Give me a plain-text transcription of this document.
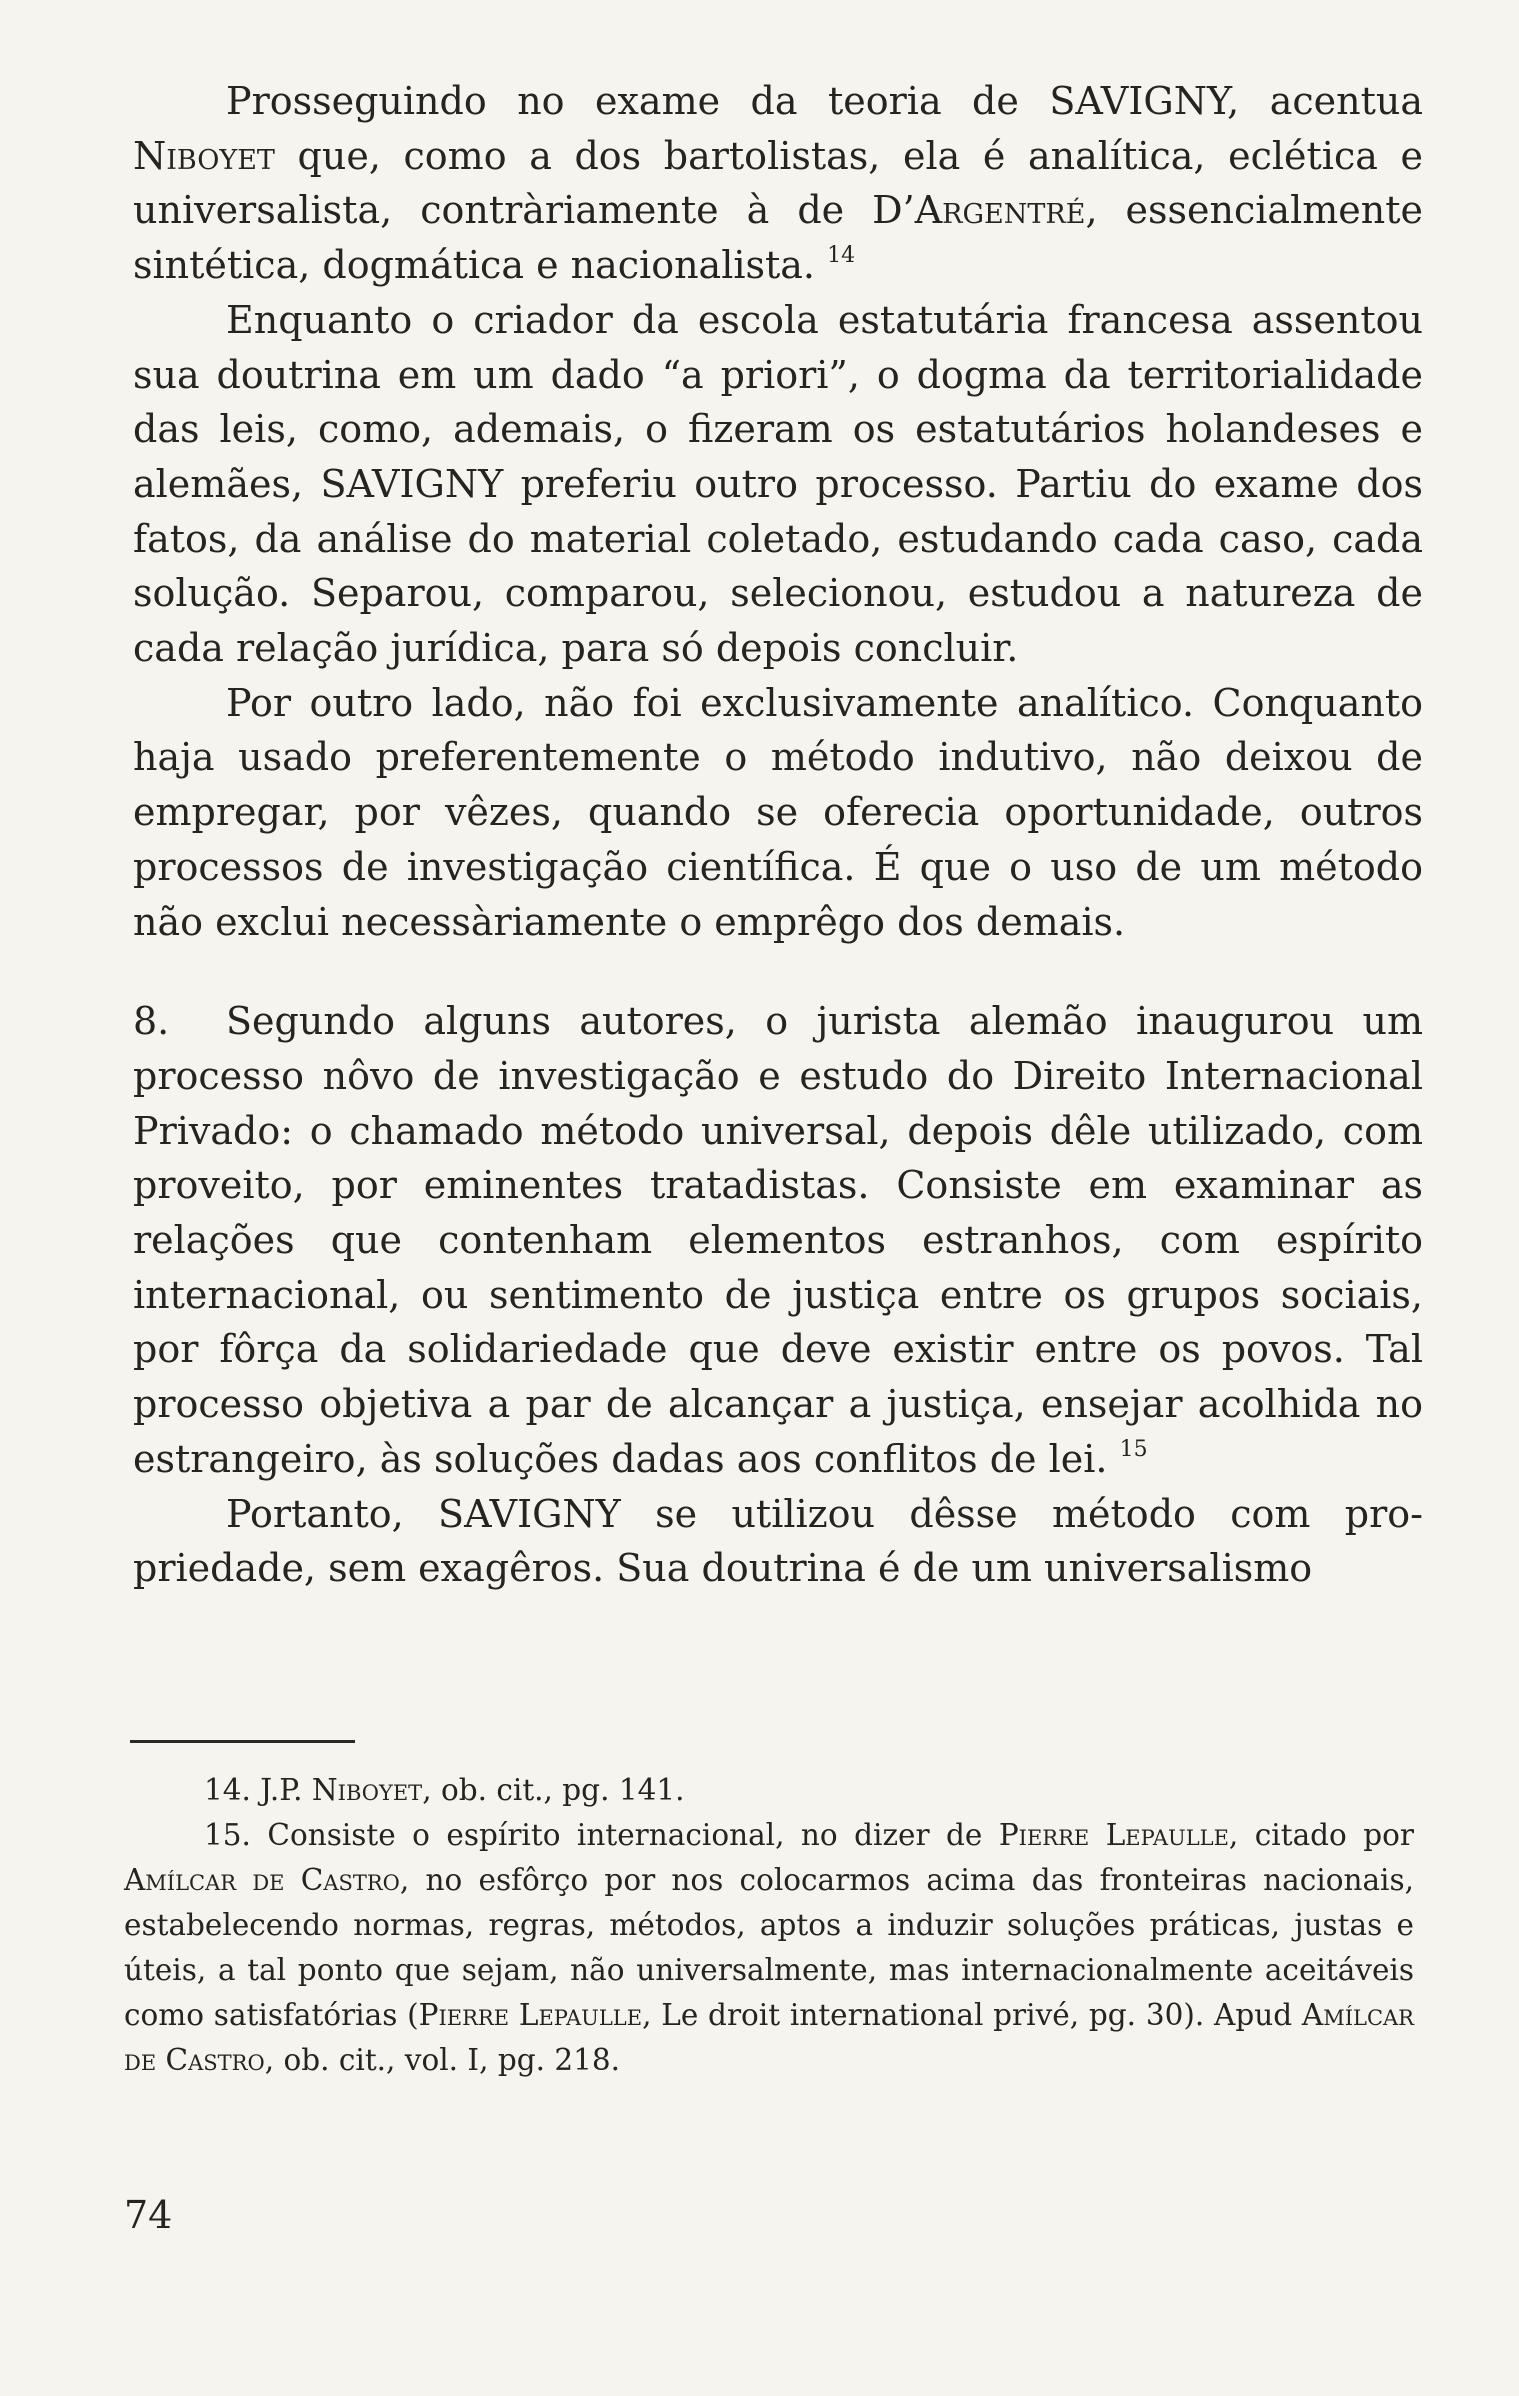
Prosseguindo no exame da teoria de SAVIGNY, acentua Niboyet que, como a dos bartolistas, ela é analítica, eclética e universalista, contràriamente à de D’Argentré, essencialmente sintética, dogmática e nacionalista. $^{14}$

Enquanto o criador da escola estatutária francesa assentou sua doutrina em um dado “a priori”, o dogma da territorialidade das leis, como, ademais, o fizeram os estatutários holandeses e alemães, SAVIGNY preferiu outro processo. Partiu do exame dos fatos, da análise do material coletado, estudando cada caso, cada solução. Separou, comparou, selecionou, estudou a natureza de cada relação jurídica, para só depois concluir.

Por outro lado, não foi exclusivamente analítico. Conquanto haja usado preferentemente o método indutivo, não deixou de empregar, por vêzes, quando se oferecia oportunidade, outros processos de investigação científica. É que o uso de um método não exclui necessàriamente o emprêgo dos demais.

8. Segundo alguns autores, o jurista alemão inaugurou um processo nôvo de investigação e estudo do Direito Internacional Privado: o chamado método universal, depois dêle utilizado, com proveito, por eminentes tratadistas. Consiste em examinar as relações que contenham elementos estranhos, com espírito internacional, ou sentimento de justiça entre os grupos sociais, por fôrça da solidariedade que deve existir entre os povos. Tal processo objetiva a par de alcançar a justiça, ensejar acolhida no estrangeiro, às soluções dadas aos conflitos de lei. $^{15}$

Portanto, SAVIGNY se utilizou dêsse método com propriedade, sem exagêros. Sua doutrina é de um universalismo

14. J.P. Niboyet, ob. cit., pg. 141.

15. Consiste o espírito internacional, no dizer de Pierre Lepaulle, citado por Amílcar de Castro, no esfôrço por nos colocarmos acima das fronteiras nacionais, estabelecendo normas, regras, métodos, aptos a induzir soluções práticas, justas e úteis, a tal ponto que sejam, não universalmente, mas internacionalmente aceitáveis como satisfatórias (Pierre Lepaulle, Le droit international privé, pg. 30). Apud Amílcar de Castro, ob. cit., vol. I, pg. 218.

74
